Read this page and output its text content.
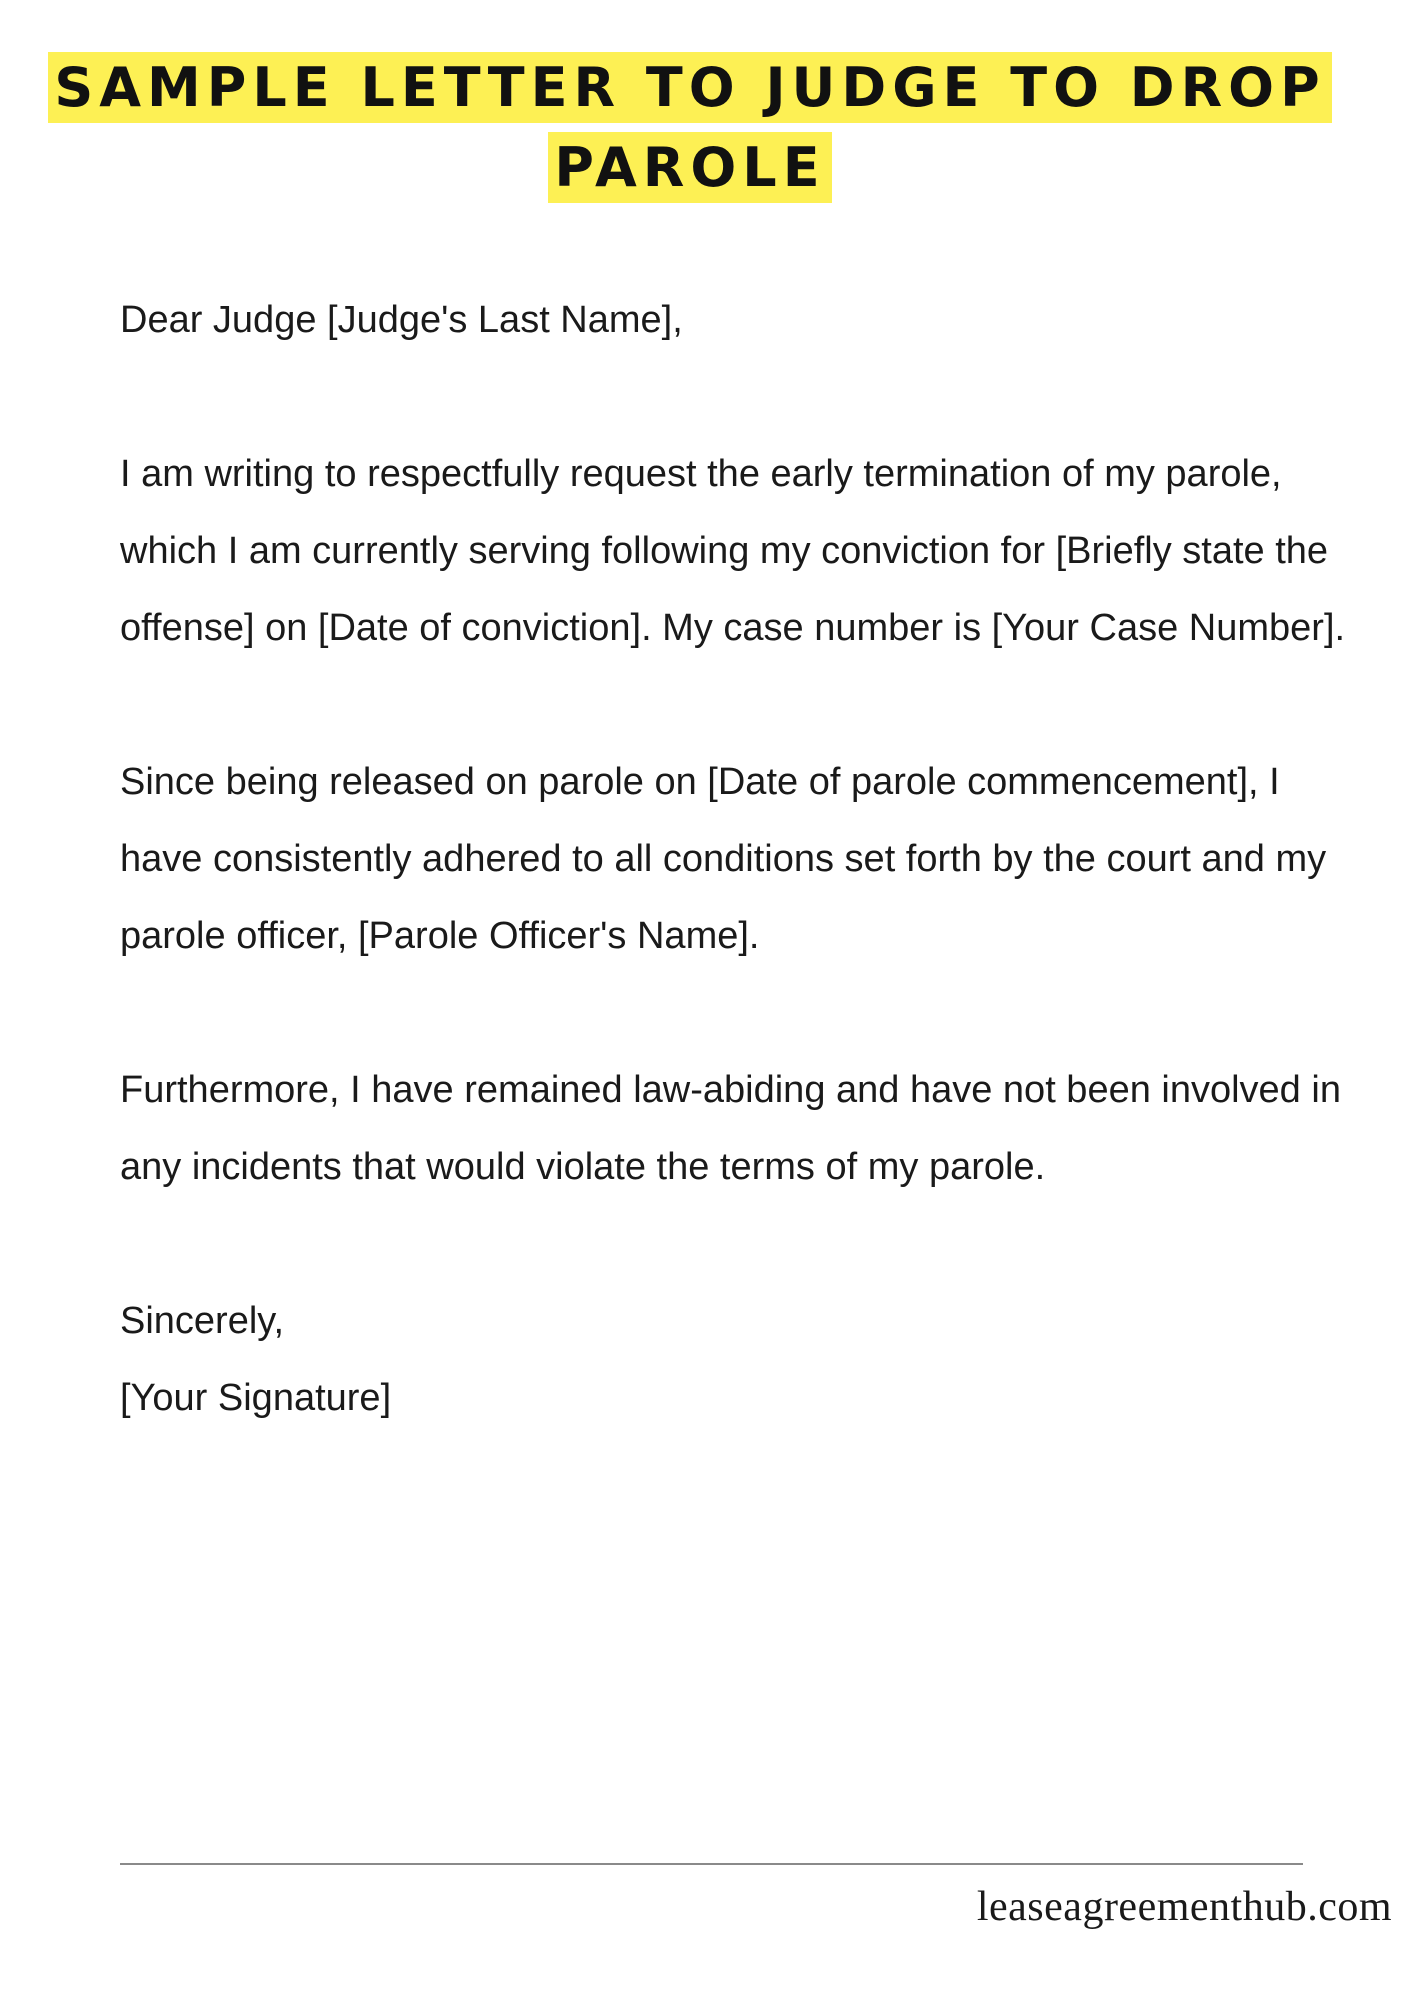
SAMPLE LETTER TO JUDGE TO DROP PAROLE

Dear Judge [Judge's Last Name],

I am writing to respectfully request the early termination of my parole, which I am currently serving following my conviction for [Briefly state the offense] on [Date of conviction]. My case number is [Your Case Number].

Since being released on parole on [Date of parole commencement], I have consistently adhered to all conditions set forth by the court and my parole officer, [Parole Officer's Name].

Furthermore, I have remained law-abiding and have not been involved in any incidents that would violate the terms of my parole.

Sincerely,
[Your Signature]
leaseagreementhub.com
